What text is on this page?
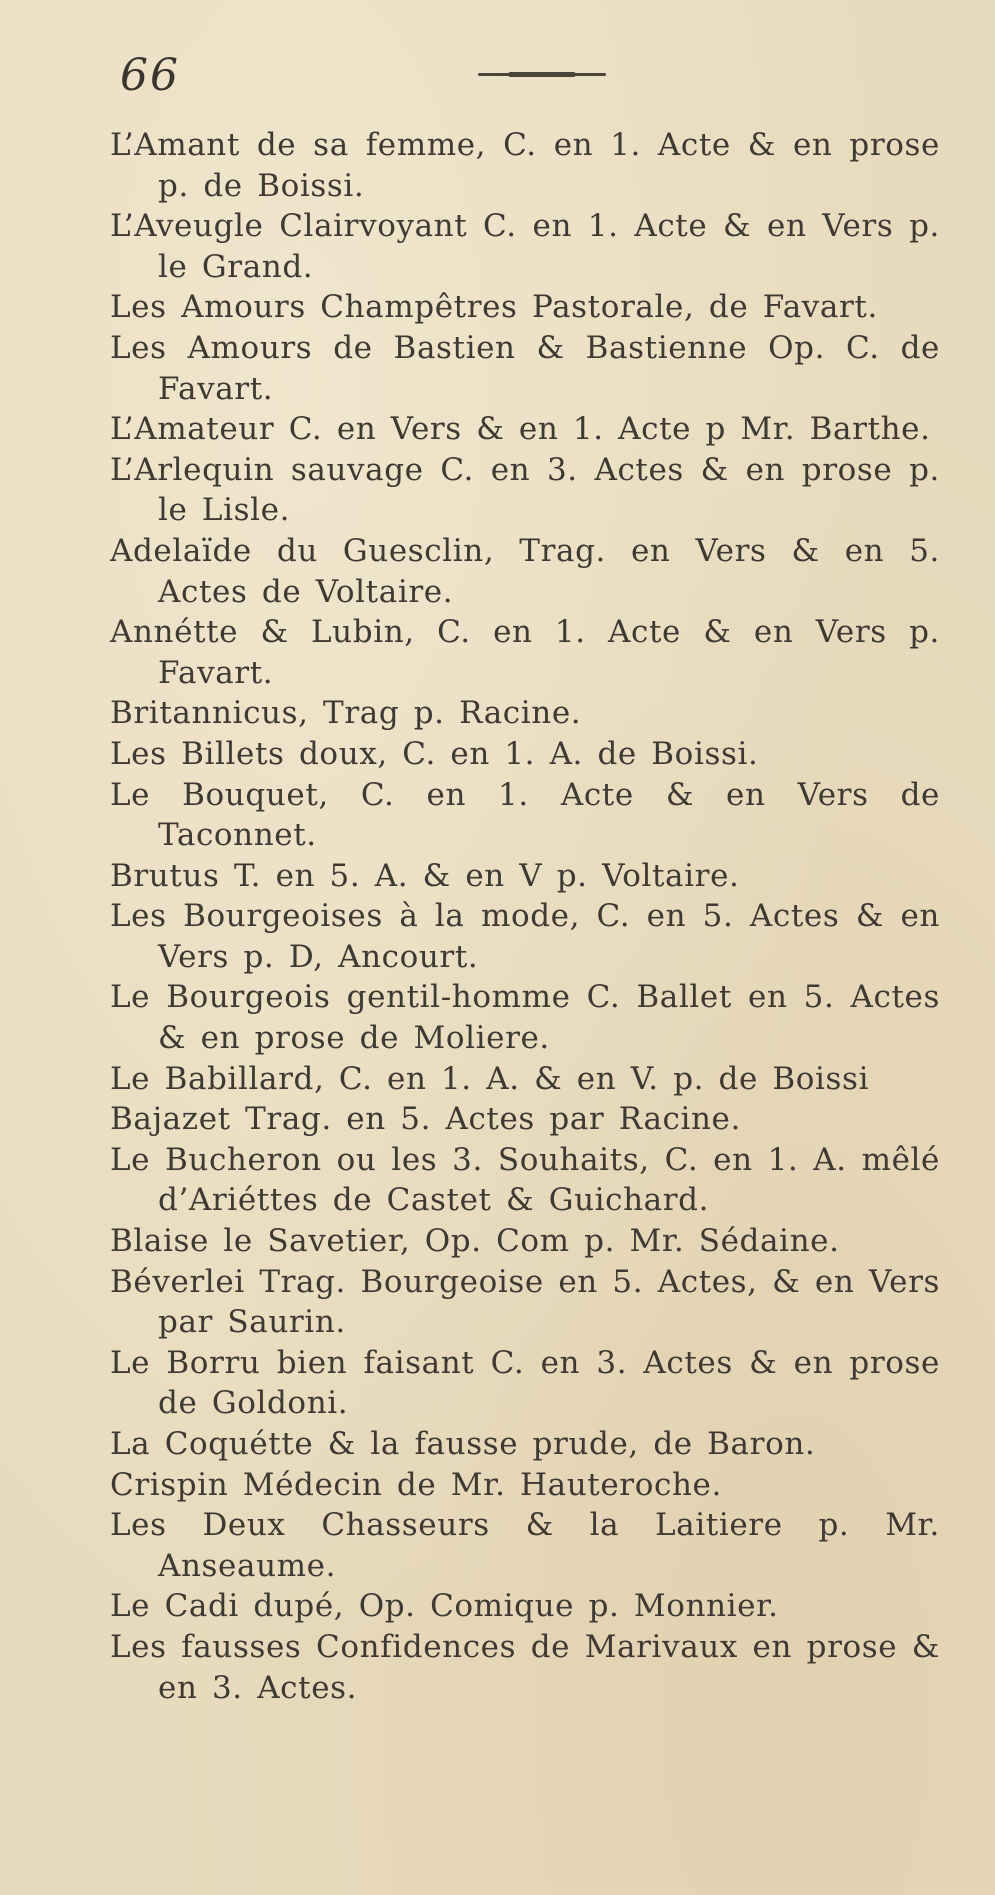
66
L’Amant de sa femme, C. en 1. Acte & en prose p. de Boissi.
L’Aveugle Clairvoyant C. en 1. Acte & en Vers p. le Grand.
Les Amours Champêtres Pastorale, de Favart.
Les Amours de Bastien & Bastienne Op. C. de Favart.
L’Amateur C. en Vers & en 1. Acte p Mr. Barthe.
L’Arlequin sauvage C. en 3. Actes & en prose p. le Lisle.
Adelaïde du Guesclin, Trag. en Vers & en 5. Actes de Voltaire.
Annétte & Lubin, C. en 1. Acte & en Vers p. Favart.
Britannicus, Trag p. Racine.
Les Billets doux, C. en 1. A. de Boissi.
Le Bouquet, C. en 1. Acte & en Vers de Taconnet.
Brutus T. en 5. A. & en V p. Voltaire.
Les Bourgeoises à la mode, C. en 5. Actes & en Vers p. D, Ancourt.
Le Bourgeois gentil-homme C. Ballet en 5. Actes & en prose de Moliere.
Le Babillard, C. en 1. A. & en V. p. de Boissi
Bajazet Trag. en 5. Actes par Racine.
Le Bucheron ou les 3. Souhaits, C. en 1. A. mêlé d’Ariéttes de Castet & Guichard.
Blaise le Savetier, Op. Com p. Mr. Sédaine.
Béverlei Trag. Bourgeoise en 5. Actes, & en Vers par Saurin.
Le Borru bien faisant C. en 3. Actes & en prose de Goldoni.
La Coquétte & la fausse prude, de Baron.
Crispin Médecin de Mr. Hauteroche.
Les Deux Chasseurs & la Laitiere p. Mr. Anseaume.
Le Cadi dupé, Op. Comique p. Monnier.
Les fausses Confidences de Marivaux en prose & en 3. Actes.
